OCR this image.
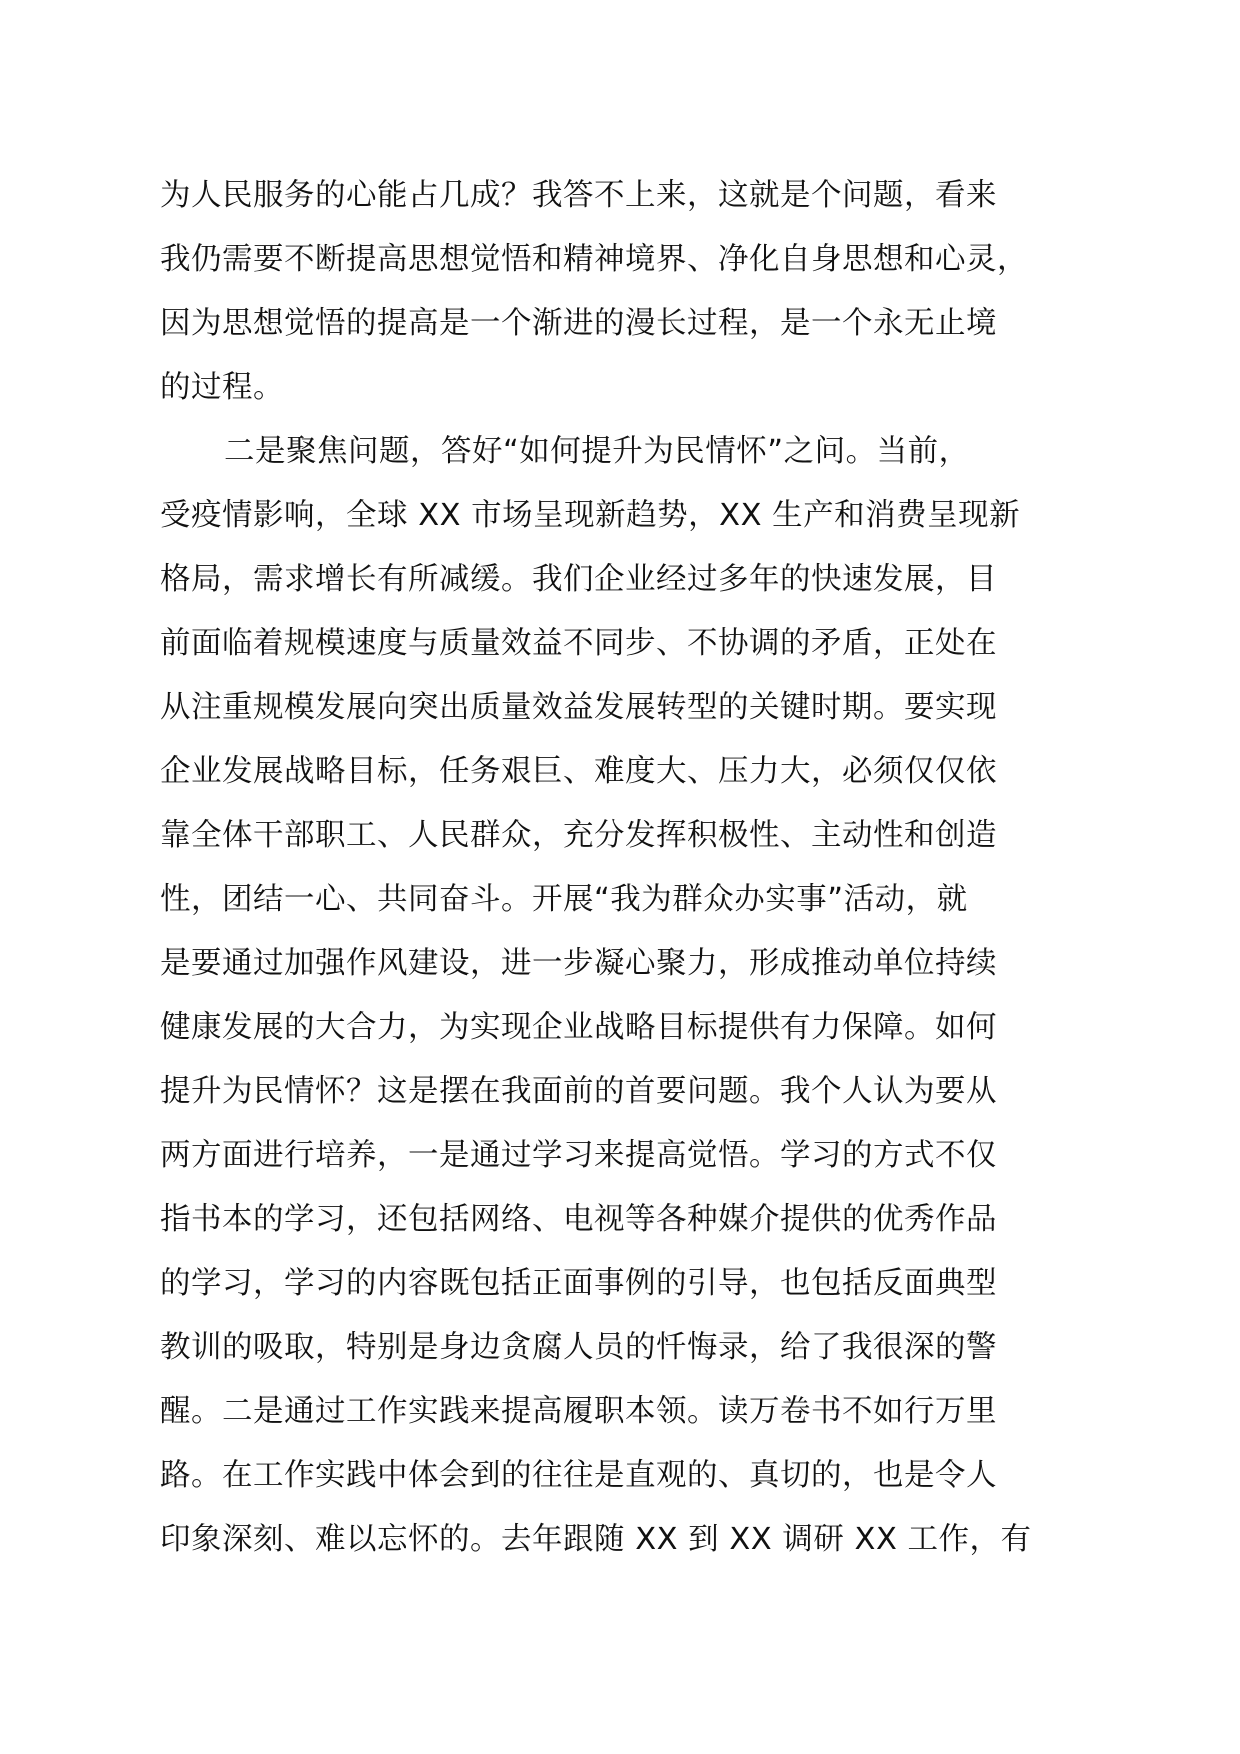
为人民服务的心能占几成？我答不上来，这就是个问题，看来
我仍需要不断提高思想觉悟和精神境界、净化自身思想和心灵，
因为思想觉悟的提高是一个渐进的漫长过程，是一个永无止境
的过程。
二是聚焦问题，答好“如何提升为民情怀”之问。当前，
受疫情影响，全球 XX 市场呈现新趋势，XX 生产和消费呈现新
格局，需求增长有所减缓。我们企业经过多年的快速发展，目
前面临着规模速度与质量效益不同步、不协调的矛盾，正处在
从注重规模发展向突出质量效益发展转型的关键时期。要实现
企业发展战略目标，任务艰巨、难度大、压力大，必须仅仅依
靠全体干部职工、人民群众，充分发挥积极性、主动性和创造
性，团结一心、共同奋斗。开展“我为群众办实事”活动，就
是要通过加强作风建设，进一步凝心聚力，形成推动单位持续
健康发展的大合力，为实现企业战略目标提供有力保障。如何
提升为民情怀？这是摆在我面前的首要问题。我个人认为要从
两方面进行培养，一是通过学习来提高觉悟。学习的方式不仅
指书本的学习，还包括网络、电视等各种媒介提供的优秀作品
的学习，学习的内容既包括正面事例的引导，也包括反面典型
教训的吸取，特别是身边贪腐人员的忏悔录，给了我很深的警
醒。二是通过工作实践来提高履职本领。读万卷书不如行万里
路。在工作实践中体会到的往往是直观的、真切的，也是令人
印象深刻、难以忘怀的。去年跟随 XX 到 XX 调研 XX 工作，有
